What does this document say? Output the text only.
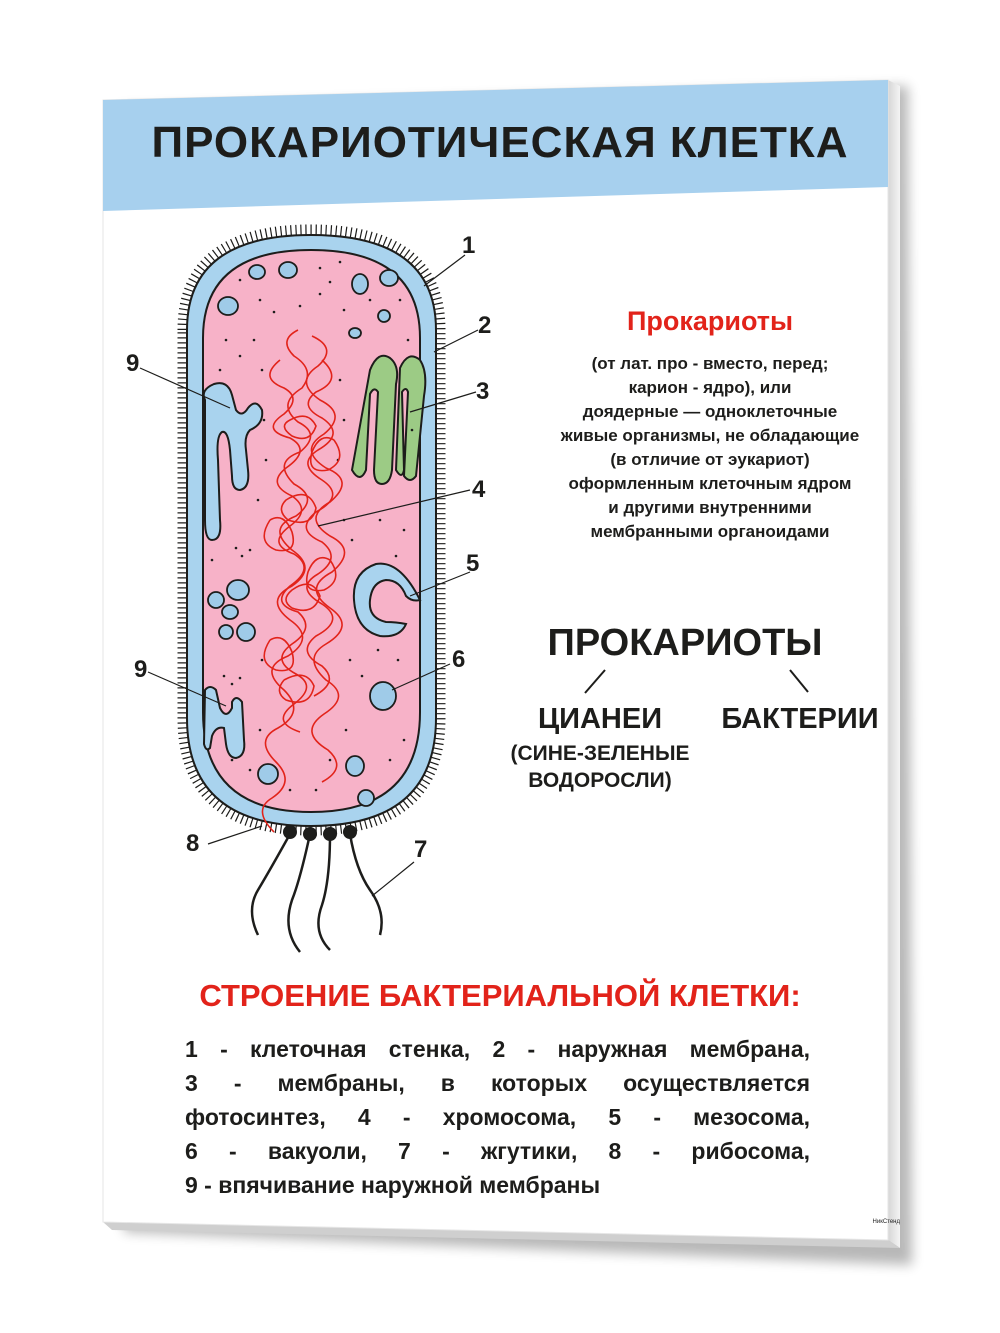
1
2
3
4
5
6
7
8
9
9
ПРОКАРИОТИЧЕСКАЯ КЛЕТКА
Прокариоты
(от лат. про - вместо, перед;
карион - ядро), или
доядерные — одноклеточные
живые организмы, не обладающие
(в отличие от эукариот)
оформленным клеточным ядром
и другими внутренними
мембранными органоидами
ПРОКАРИОТЫ
ЦИАНЕИ
(СИНЕ-ЗЕЛЕНЫЕ
ВОДОРОСЛИ)
БАКТЕРИИ
СТРОЕНИЕ БАКТЕРИАЛЬНОЙ КЛЕТКИ:
1 - клеточная стенка, 2 - наружная мембрана,
3 - мембраны, в которых осуществляется
фотосинтез, 4 - хромосома, 5 - мезосома,
6 - вакуоли, 7 - жгутики, 8 - рибосома,
9 - впячивание наружной мембраны
НикСтенд
